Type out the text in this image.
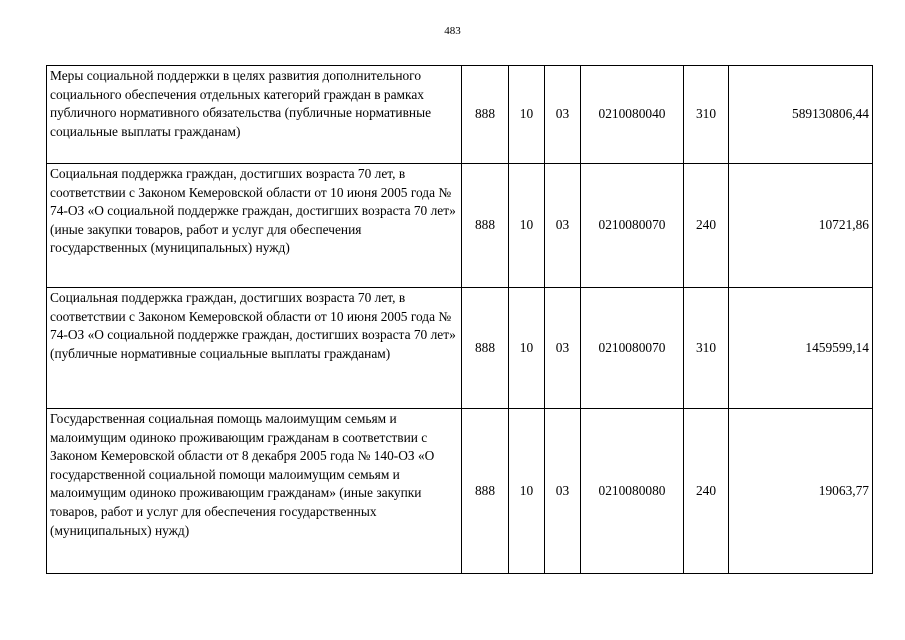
483
Меры социальной поддержки в целях развития дополнительного социального обеспечения отдельных категорий граждан в рамках публичного нормативного обязательства (публичные нормативные социальные выплаты гражданам)	888	10	03	0210080040	310	589130806,44
Социальная поддержка граждан, достигших возраста 70 лет, в соответствии с Законом Кемеровской области от 10 июня 2005 года № 74-ОЗ «О социальной поддержке граждан, достигших возраста 70 лет» (иные закупки товаров, работ и услуг для обеспечения государственных (муниципальных) нужд)	888	10	03	0210080070	240	10721,86
Социальная поддержка граждан, достигших возраста 70 лет, в соответствии с Законом Кемеровской области от 10 июня 2005 года № 74-ОЗ «О социальной поддержке граждан, достигших возраста 70 лет» (публичные нормативные социальные выплаты гражданам)	888	10	03	0210080070	310	1459599,14
Государственная социальная помощь малоимущим семьям и малоимущим одиноко проживающим гражданам в соответствии с Законом Кемеровской области от 8 декабря 2005 года № 140-ОЗ «О государственной социальной помощи малоимущим семьям и малоимущим одиноко проживающим гражданам» (иные закупки товаров, работ и услуг для обеспечения государственных (муниципальных) нужд)	888	10	03	0210080080	240	19063,77
